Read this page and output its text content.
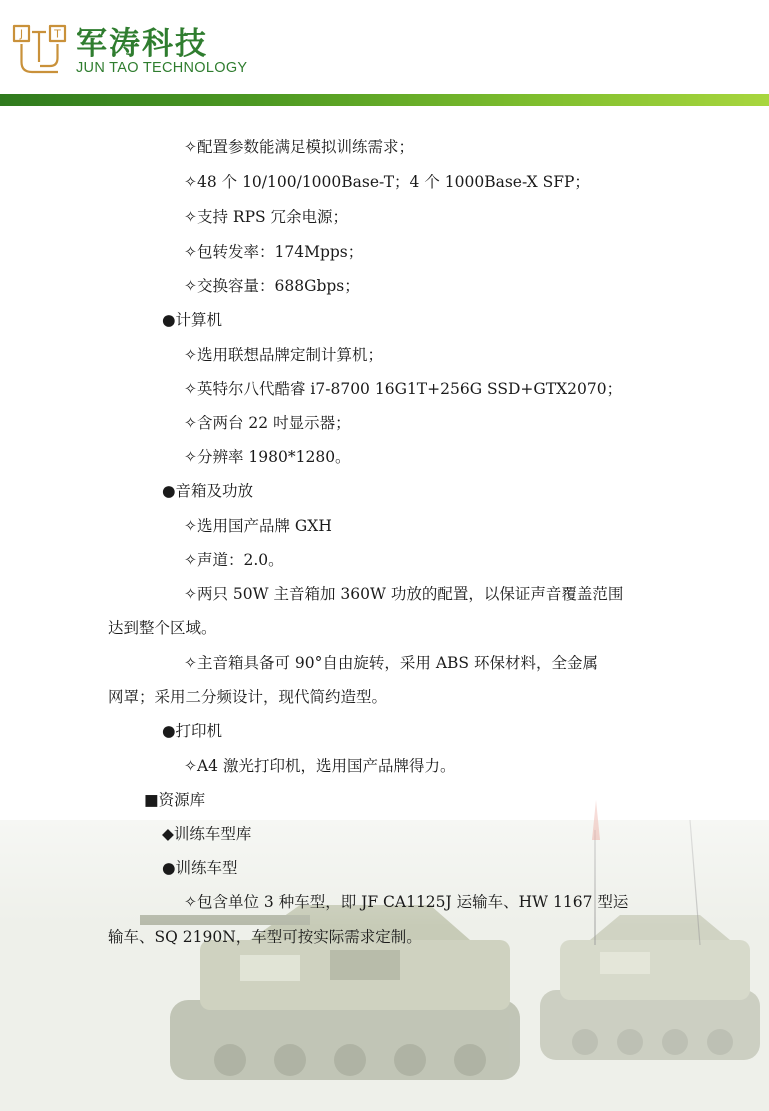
J	T 军涛科技
JUN TAO TECHNOLOGY
✧配置参数能满足模拟训练需求；
✧48 个 10/100/1000Base-T；4 个 1000Base-X SFP；
✧支持 RPS 冗余电源；
✧包转发率：174Mpps；
✧交换容量：688Gbps；
●计算机
✧选用联想品牌定制计算机；
✧英特尔八代酷睿 i7-8700 16G1T+256G SSD+GTX2070；
✧含两台 22 吋显示器；
✧分辨率 1980*1280。
●音箱及功放
✧选用国产品牌 GXH
✧声道：2.0。
✧两只 50W 主音箱加 360W 功放的配置，以保证声音覆盖范围
达到整个区域。
✧主音箱具备可 90°自由旋转，采用 ABS 环保材料，全金属
网罩；采用二分频设计，现代简约造型。
●打印机
✧A4 激光打印机，选用国产品牌得力。
■资源库
◆训练车型库
●训练车型
✧包含单位 3 种车型，即 JF CA1125J 运输车、HW 1167 型运
输车、SQ 2190N，车型可按实际需求定制。
